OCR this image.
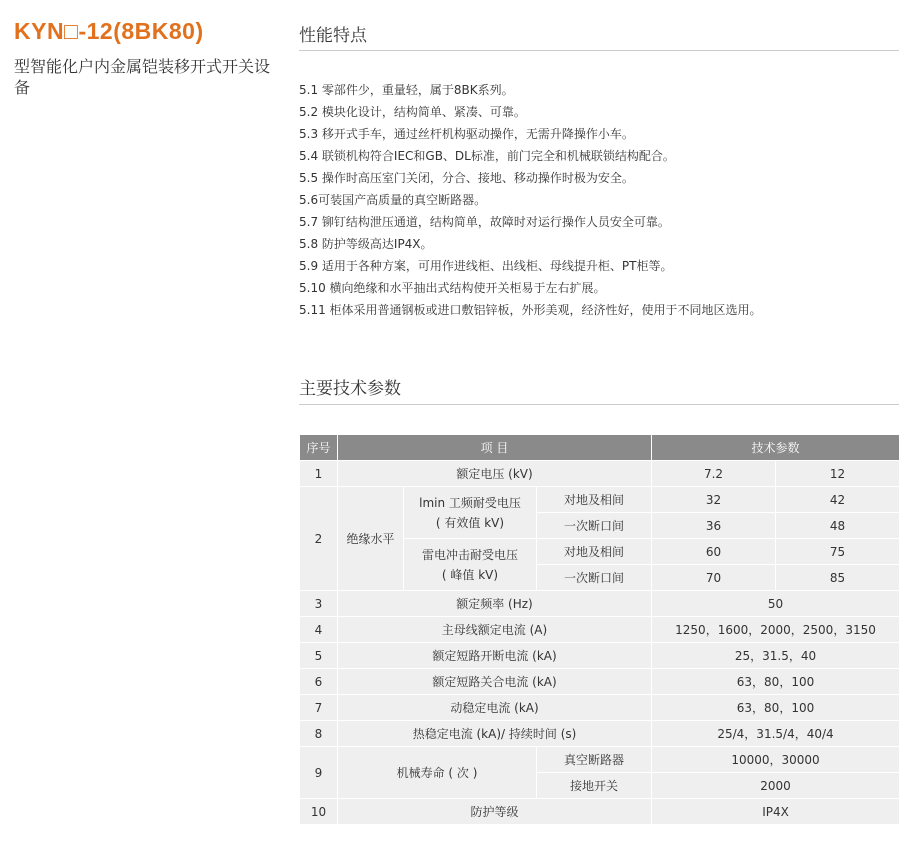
KYN□-12(8BK80)
型智能化户内金属铠装移开式开关设备
性能特点
5.1 零部件少，重量轻，属于8BK系列。
5.2 模块化设计，结构简单、紧凑、可靠。
5.3 移开式手车，通过丝杆机构驱动操作，无需升降操作小车。
5.4 联锁机构符合IEC和GB、DL标准，前门完全和机械联锁结构配合。
5.5 操作时高压室门关闭，分合、接地、移动操作时极为安全。
5.6可装国产高质量的真空断路器。
5.7 铆钉结构泄压通道，结构简单，故障时对运行操作人员安全可靠。
5.8 防护等级高达IP4X。
5.9 适用于各种方案，可用作进线柜、出线柜、母线提升柜、PT柜等。
5.10 横向绝缘和水平抽出式结构使开关柜易于左右扩展。
5.11 柜体采用普通钢板或进口敷铝锌板，外形美观，经济性好，使用于不同地区选用。
主要技术参数
序号	项 目			技术参数	
1	额定电压 (kV)			7.2	12
2	绝缘水平	lmin 工频耐受电压
( 有效值 kV)	对地及相间	32	42
			一次断口间	36	48

		雷电冲击耐受电压
( 峰值 kV)	对地及相间	60	75
			一次断口间	70	85
3	额定频率 (Hz)			50	
4	主母线额定电流 (A)			1250，1600，2000，2500，3150	
5	额定短路开断电流 (kA)			25，31.5，40	
6	额定短路关合电流 (kA)			63，80，100	
7	动稳定电流 (kA)			63，80，100	
8	热稳定电流 (kA)/ 持续时间 (s)			25/4，31.5/4，40/4	
9	机械寿命 ( 次 )		真空断路器	10000，30000	
			接地开关	2000	
10	防护等级			IP4X	
